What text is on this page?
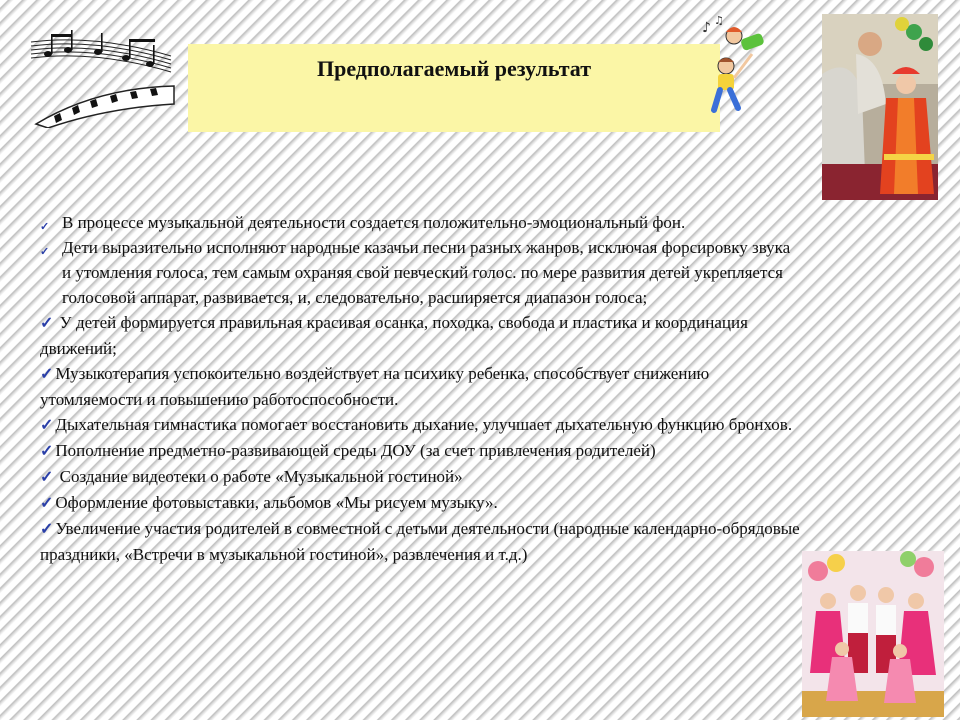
Предполагаемый результат
♪ ♫
✓ В процессе музыкальной деятельности создается положительно-эмоциональный фон.
✓ Дети выразительно исполняют народные казачьи песни разных жанров, исключая форсировку звука и утомления голоса, тем самым охраняя свой певческий голос. по мере развития детей укрепляется голосовой аппарат, развивается, и, следовательно, расширяется диапазон голоса;
✓ У детей формируется правильная красивая осанка, походка, свобода и пластика и координация движений;
✓ Музыкотерапия успокоительно воздействует на психику ребенка, способствует снижению утомляемости и повышению работоспособности.
✓ Дыхательная гимнастика помогает восстановить дыхание, улучшает дыхательную функцию бронхов.
✓ Пополнение предметно-развивающей среды ДОУ (за счет привлечения родителей)
✓ Создание видеотеки о работе «Музыкальной гостиной»
✓ Оформление фотовыставки, альбомов «Мы рисуем музыку».
✓ Увеличение участия родителей в совместной с детьми деятельности (народные календарно-обрядовые праздники, «Встречи в музыкальной гостиной», развлечения и т.д.)
